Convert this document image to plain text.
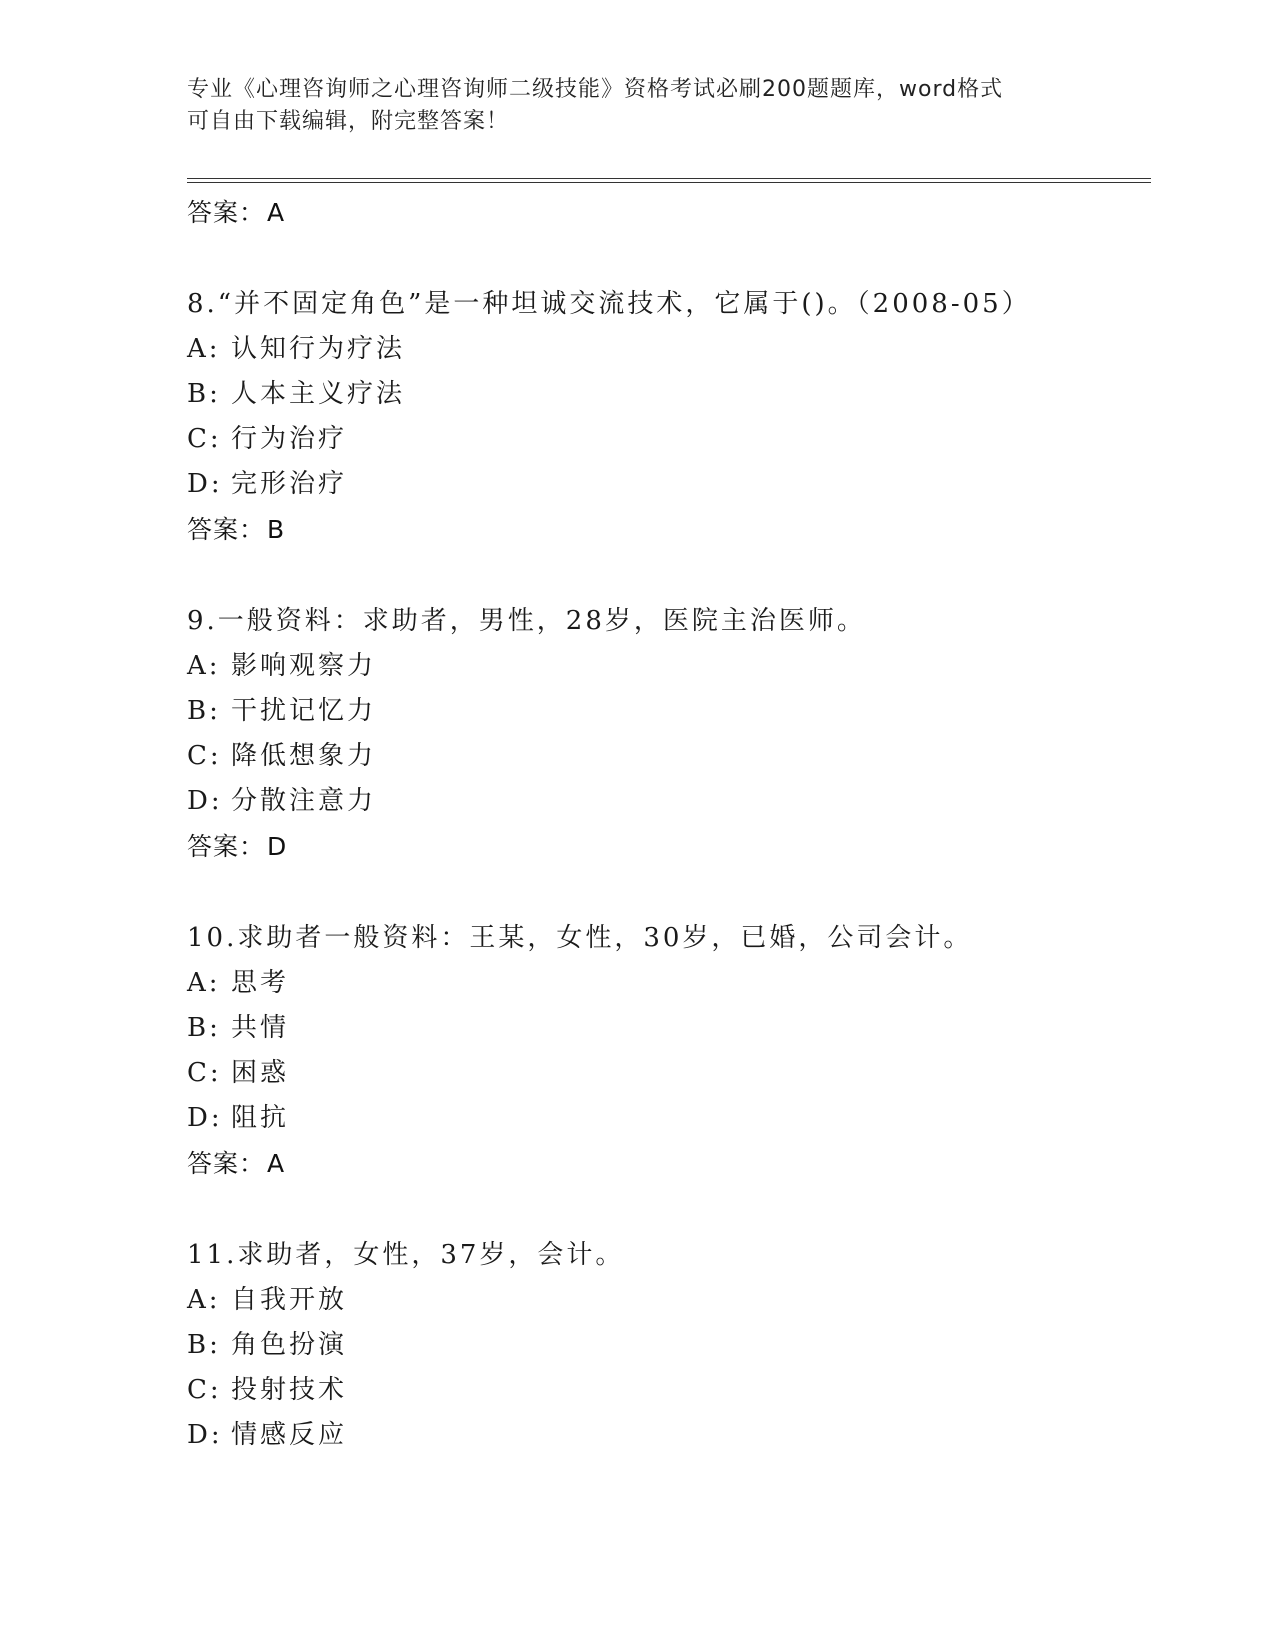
专业《心理咨询师之心理咨询师二级技能》资格考试必刷200题题库，word格式
可自由下载编辑，附完整答案！
答案：A
8.“并不固定角色”是一种坦诚交流技术，它属于()。（2008-05）
A: 认知行为疗法
B: 人本主义疗法
C: 行为治疗
D: 完形治疗
答案：B
9.一般资料：求助者，男性，28岁，医院主治医师。
A: 影响观察力
B: 干扰记忆力
C: 降低想象力
D: 分散注意力
答案：D
10.求助者一般资料：王某，女性，30岁，已婚，公司会计。
A: 思考
B: 共情
C: 困惑
D: 阻抗
答案：A
11.求助者，女性，37岁，会计。
A: 自我开放
B: 角色扮演
C: 投射技术
D: 情感反应
